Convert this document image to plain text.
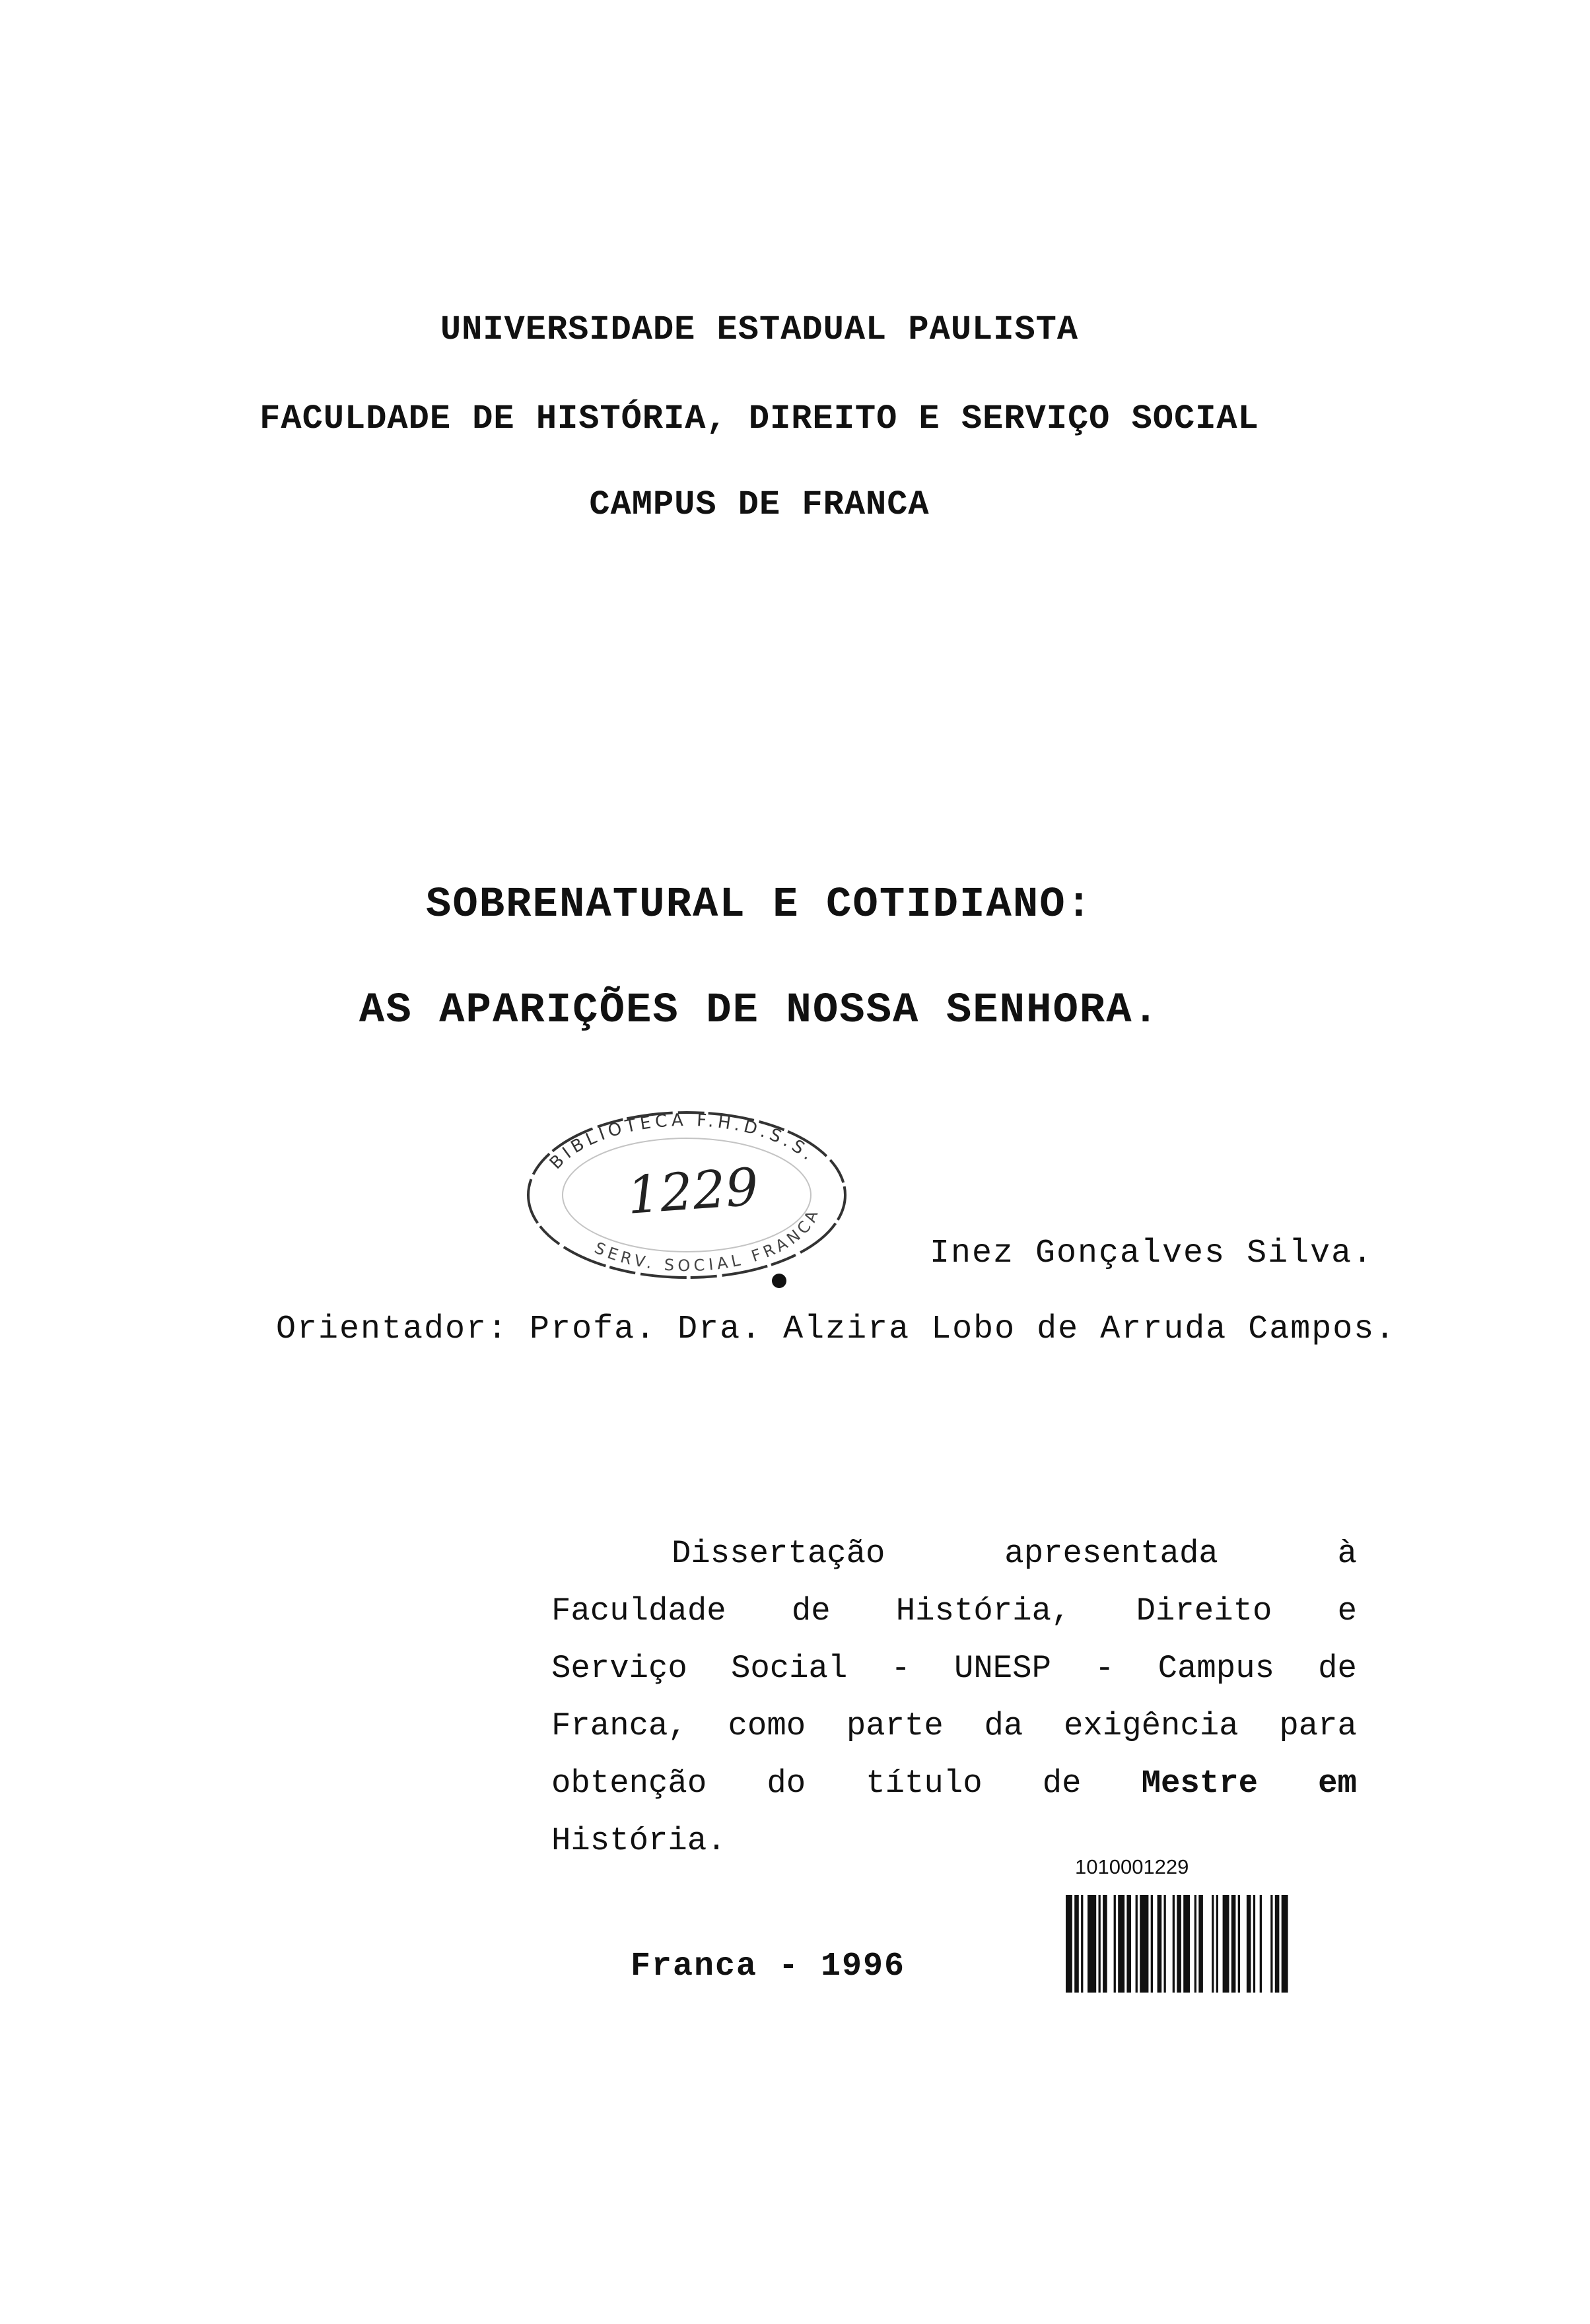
UNIVERSIDADE ESTADUAL PAULISTA
FACULDADE DE HISTÓRIA, DIREITO E SERVIÇO SOCIAL
CAMPUS DE FRANCA
SOBRENATURAL E COTIDIANO:
AS APARIÇÕES DE NOSSA SENHORA.
BIBLIOTECA F.H.D.S.S.
SERV. SOCIAL FRANCA
1229
Inez Gonçalves Silva.
Orientador: Profa. Dra. Alzira Lobo de Arruda Campos.
Dissertação	apresentada	à
Faculdade de História, Direito e
Serviço Social - UNESP - Campus de
Franca, como parte da exigência para
obtenção do título de Mestre em
História.
1010001229
Franca - 1996
